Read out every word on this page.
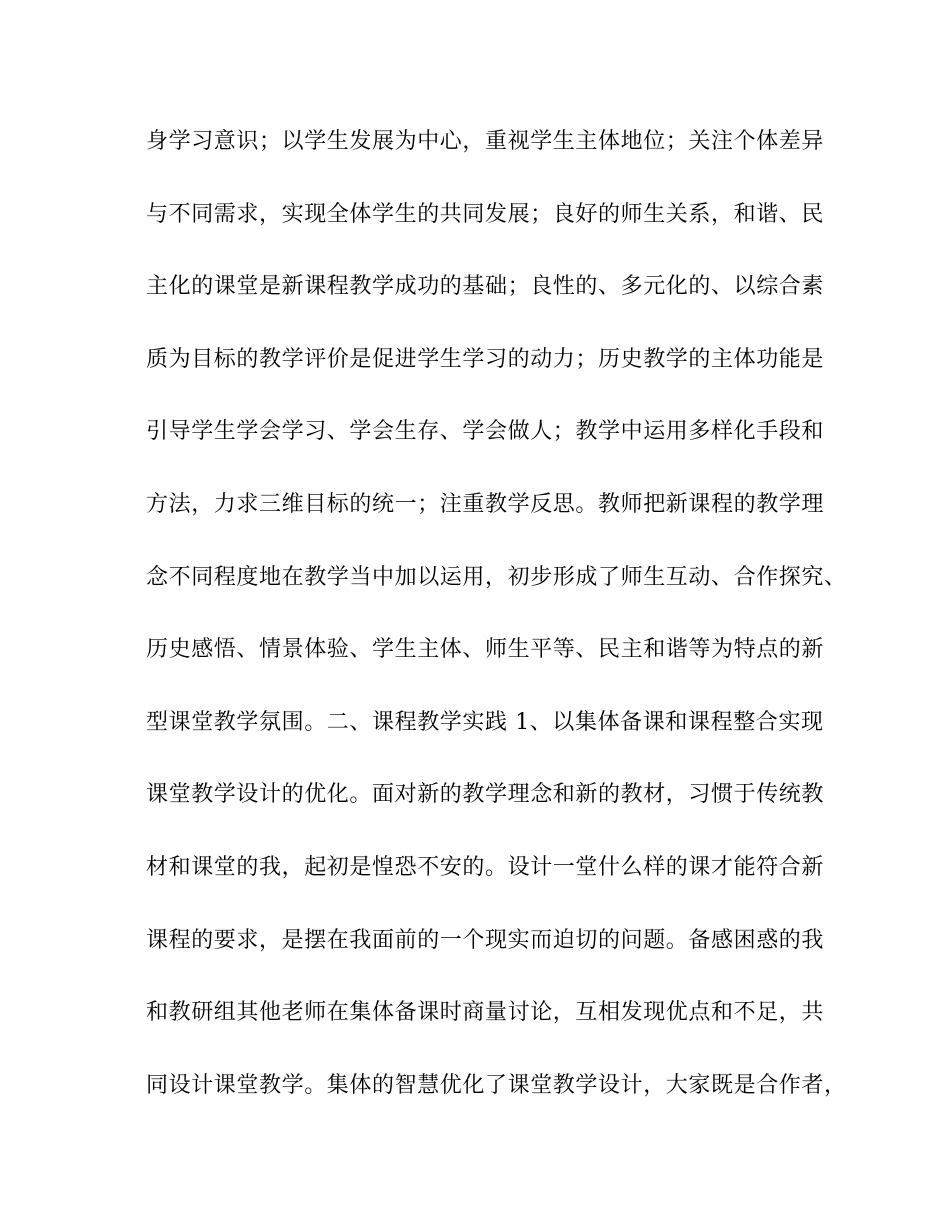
身学习意识；以学生发展为中心，重视学生主体地位；关注个体差异
与不同需求，实现全体学生的共同发展；良好的师生关系，和谐、民
主化的课堂是新课程教学成功的基础；良性的、多元化的、以综合素
质为目标的教学评价是促进学生学习的动力；历史教学的主体功能是
引导学生学会学习、学会生存、学会做人；教学中运用多样化手段和
方法，力求三维目标的统一；注重教学反思。教师把新课程的教学理
念不同程度地在教学当中加以运用，初步形成了师生互动、合作探究、
历史感悟、情景体验、学生主体、师生平等、民主和谐等为特点的新
型课堂教学氛围。二、课程教学实践 1、以集体备课和课程整合实现
课堂教学设计的优化。面对新的教学理念和新的教材，习惯于传统教
材和课堂的我，起初是惶恐不安的。设计一堂什么样的课才能符合新
课程的要求，是摆在我面前的一个现实而迫切的问题。备感困惑的我
和教研组其他老师在集体备课时商量讨论，互相发现优点和不足，共
同设计课堂教学。集体的智慧优化了课堂教学设计，大家既是合作者，
